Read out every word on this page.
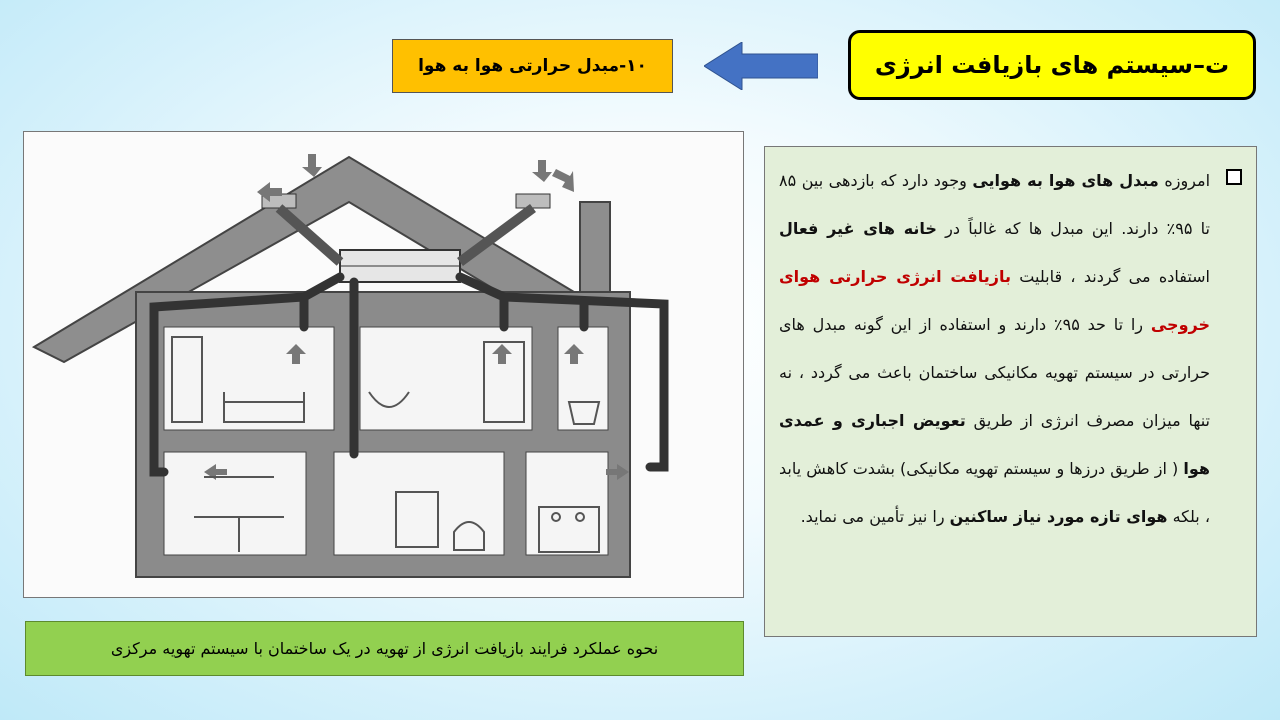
ت–سیستم های بازیافت انرژی
۱۰-مبدل حرارتی هوا به هوا
نحوه عملکرد فرایند بازیافت انرژی از تهویه در یک ساختمان با سیستم تهویه مرکزی

امروزه مبدل های هوا به هوایی وجود دارد که بازدهی بین ۸۵ تا ۹۵٪ دارند. این مبدل ها که غالباً در خانه های غیر فعال استفاده می گردند ، قابلیت بازیافت انرژی حرارتی هوای خروجی را تا حد ۹۵٪ دارند و استفاده از این گونه مبدل های حرارتی در سیستم تهویه مکانیکی ساختمان باعث می گردد ، نه تنها میزان مصرف انرژی از طریق تعویض اجباری و عمدی هوا ( از طریق درزها و سیستم تهویه مکانیکی) بشدت کاهش یابد ، بلکه هوای تازه مورد نیاز ساکنین را نیز تأمین می نماید.
